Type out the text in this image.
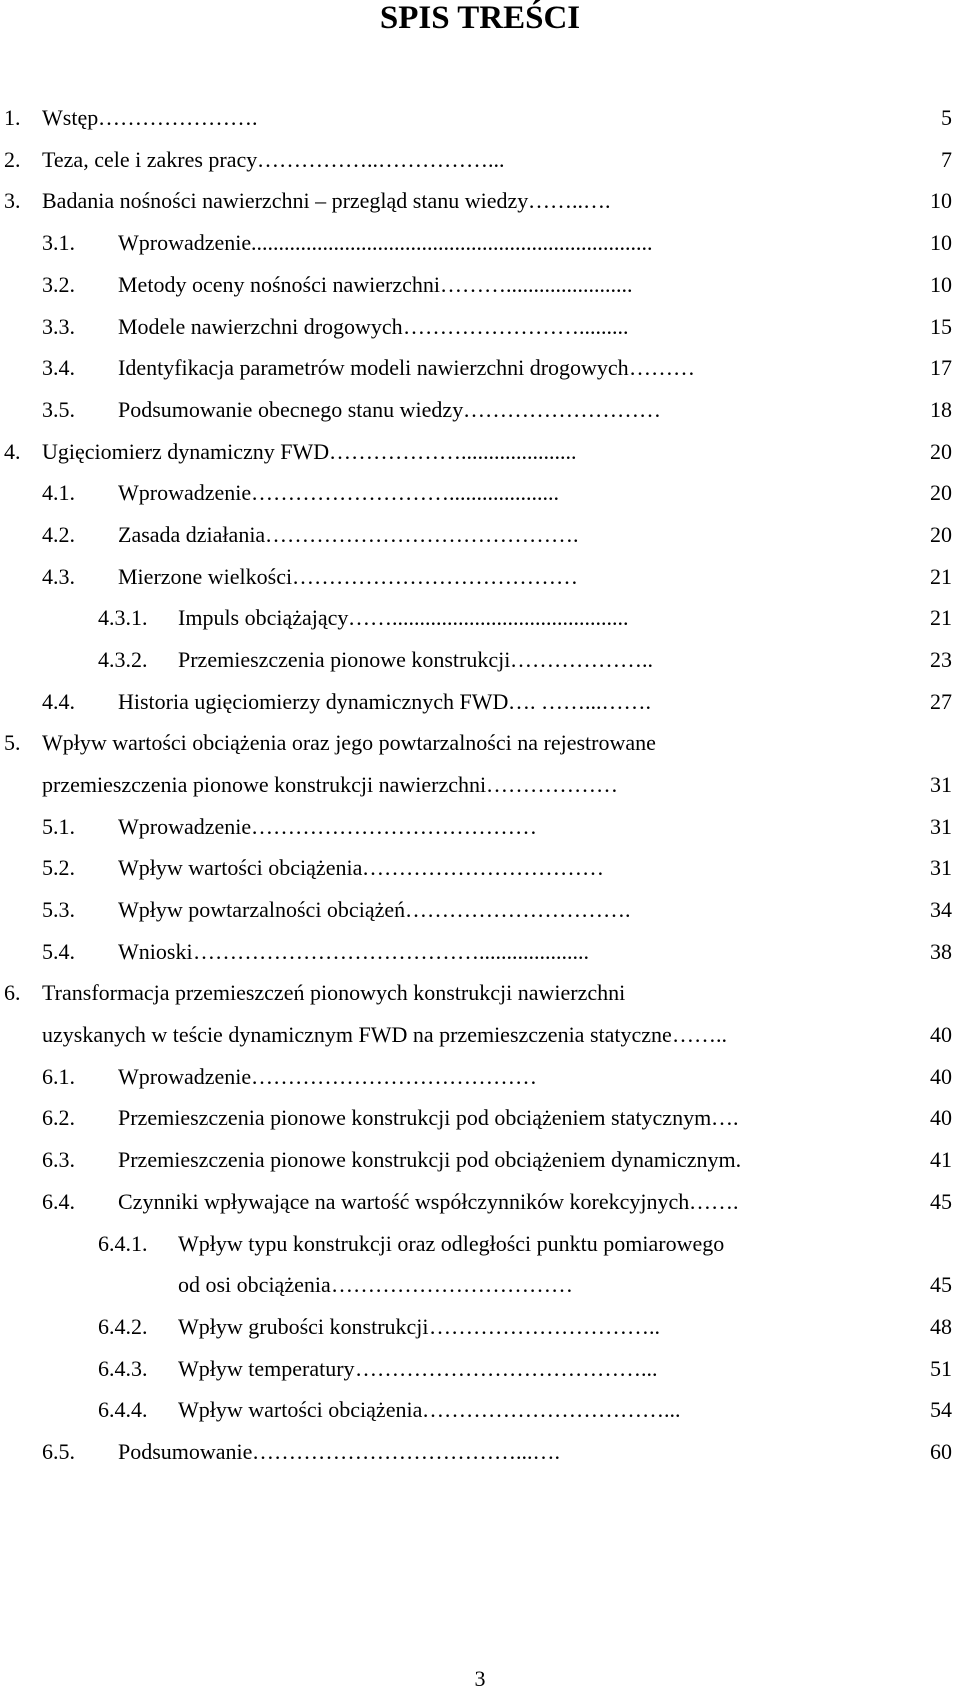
SPIS TREŚCI
1. Wstęp ………………….	5
2. Teza, cele i zakres pracy ……………..……………...	7
3. Badania nośności nawierzchni – przegląd stanu wiedzy ……..….	10
3.1. Wprowadzenie .........................................................................	10
3.2. Metody oceny nośności nawierzchni ……….......................	10
3.3. Modele nawierzchni drogowych …………………….........	15
3.4. Identyfikacja parametrów modeli nawierzchni drogowych ………	17
3.5. Podsumowanie obecnego stanu wiedzy ………………………	18
4. Ugięciomierz dynamiczny FWD ……………….....................	20
4.1. Wprowadzenie ………………………....................	20
4.2. Zasada działania …………………………………….	20
4.3. Mierzone wielkości …………………………………	21
4.3.1. Impuls obciążający ……...........................................	21
4.3.2. Przemieszczenia pionowe konstrukcji ………………..	23
4.4. Historia ugięciomierzy dynamicznych FWD …. ……...…….	27
5. Wpływ wartości obciążenia oraz jego powtarzalności na rejestrowane
przemieszczenia pionowe konstrukcji nawierzchni ………………	31
5.1. Wprowadzenie …………………………………	31
5.2. Wpływ wartości obciążenia ……………………………	31
5.3. Wpływ powtarzalności obciążeń ………………………….	34
5.4. Wnioski …………………………………....................	38
6. Transformacja przemieszczeń pionowych konstrukcji nawierzchni
uzyskanych w teście dynamicznym FWD na przemieszczenia statyczne ……..	40
6.1. Wprowadzenie …………………………………	40
6.2. Przemieszczenia pionowe konstrukcji pod obciążeniem statycznym ….	40
6.3. Przemieszczenia pionowe konstrukcji pod obciążeniem dynamicznym.	41
6.4. Czynniki wpływające na wartość współczynników korekcyjnych …….	45
6.4.1. Wpływ typu konstrukcji oraz odległości punktu pomiarowego
od osi obciążenia ……………………………	45
6.4.2. Wpływ grubości konstrukcji …………………………..	48
6.4.3. Wpływ temperatury …………………………………...	51
6.4.4. Wpływ wartości obciążenia ……………………………...	54
6.5. Podsumowanie ………………………………...….	60
3
